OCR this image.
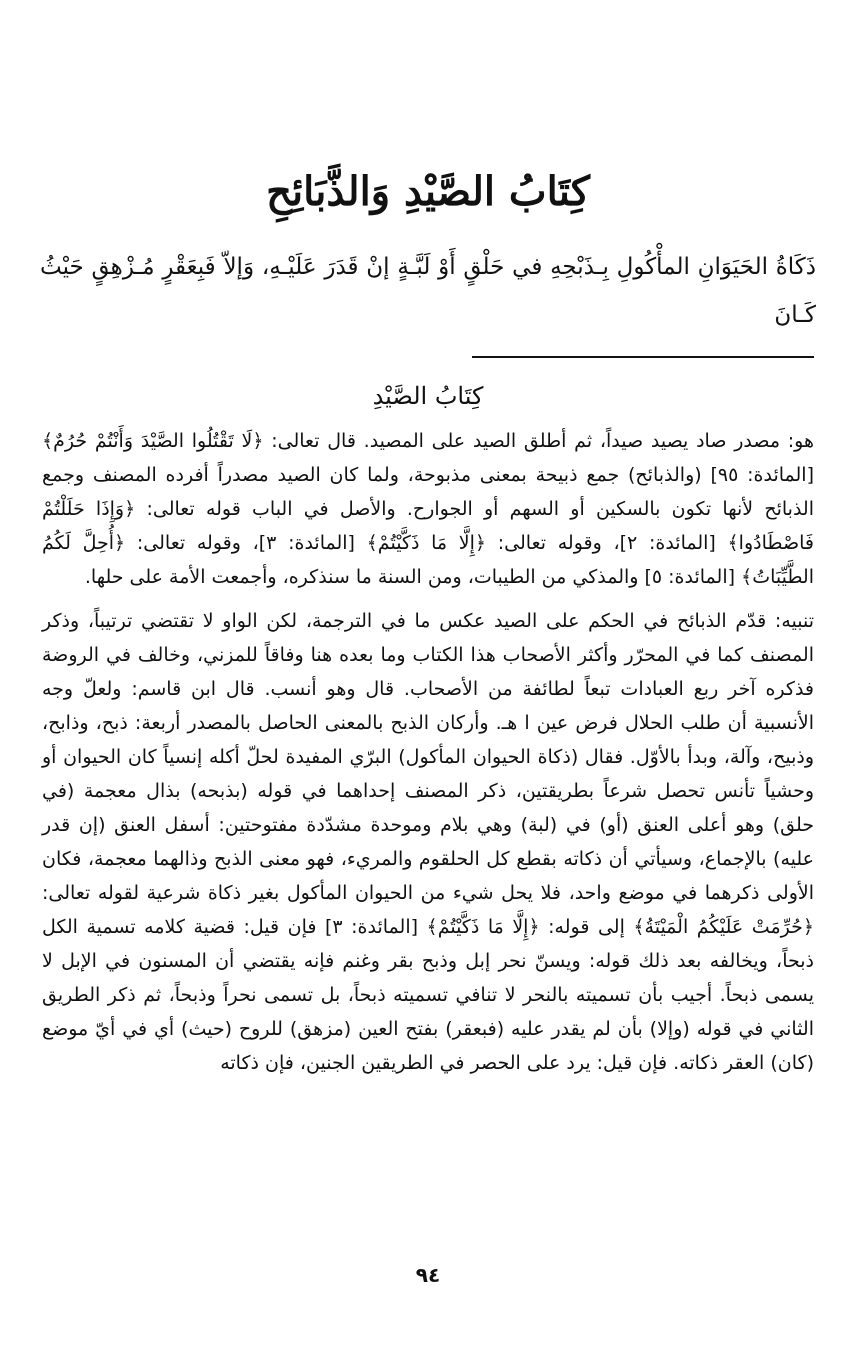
كِتَابُ الصَّيْدِ وَالذَّبَائِحِ

ذَكَاةُ الحَيَوَانِ المأْكُولِ بِـذَبْحِهِ في حَلْقٍ أَوْ لَبَّـةٍ إنْ قَدَرَ عَلَيْـهِ، وَإلاّ فَبِعَقْرٍ مُـزْهِقٍ حَيْثُ كَـانَ

كِتَابُ الصَّيْدِ

هو: مصدر صاد يصيد صيداً، ثم أطلق الصيد على المصيد. قال تعالى: ﴿لَا تَقْتُلُوا الصَّيْدَ وَأَنْتُمْ حُرُمٌ﴾ [المائدة: ٩٥] (والذبائح) جمع ذبيحة بمعنى مذبوحة، ولما كان الصيد مصدراً أفرده المصنف وجمع الذبائح لأنها تكون بالسكين أو السهم أو الجوارح. والأصل في الباب قوله تعالى: ﴿وَإِذَا حَلَلْتُمْ فَاصْطَادُوا﴾ [المائدة: ٢]، وقوله تعالى: ﴿إِلَّا مَا ذَكَّيْتُمْ﴾ [المائدة: ٣]، وقوله تعالى: ﴿أُحِلَّ لَكُمُ الطَّيِّبَاتُ﴾ [المائدة: ٥] والمذكي من الطيبات، ومن السنة ما سنذكره، وأجمعت الأمة على حلها.

تنبيه: قدّم الذبائح في الحكم على الصيد عكس ما في الترجمة، لكن الواو لا تقتضي ترتيباً، وذكر المصنف كما في المحرّر وأكثر الأصحاب هذا الكتاب وما بعده هنا وفاقاً للمزني، وخالف في الروضة فذكره آخر ربع العبادات تبعاً لطائفة من الأصحاب. قال وهو أنسب. قال ابن قاسم: ولعلّ وجه الأنسبية أن طلب الحلال فرض عين ا هـ. وأركان الذبح بالمعنى الحاصل بالمصدر أربعة: ذبح، وذابح، وذبيح، وآلة، وبدأ بالأوّل. فقال (ذكاة الحيوان المأكول) البرّي المفيدة لحلّ أكله إنسياً كان الحيوان أو وحشياً تأنس تحصل شرعاً بطريقتين، ذكر المصنف إحداهما في قوله (بذبحه) بذال معجمة (في حلق) وهو أعلى العنق (أو) في (لبة) وهي بلام وموحدة مشدّدة مفتوحتين: أسفل العنق (إن قدر عليه) بالإجماع، وسيأتي أن ذكاته بقطع كل الحلقوم والمريء، فهو معنى الذبح وذالهما معجمة، فكان الأولى ذكرهما في موضع واحد، فلا يحل شيء من الحيوان المأكول بغير ذكاة شرعية لقوله تعالى: ﴿حُرِّمَتْ عَلَيْكُمُ الْمَيْتَةُ﴾ إلى قوله: ﴿إِلَّا مَا ذَكَّيْتُمْ﴾ [المائدة: ٣] فإن قيل: قضية كلامه تسمية الكل ذبحاً، ويخالفه بعد ذلك قوله: ويسنّ نحر إبل وذبح بقر وغنم فإنه يقتضي أن المسنون في الإبل لا يسمى ذبحاً. أجيب بأن تسميته بالنحر لا تنافي تسميته ذبحاً، بل تسمى نحراً وذبحاً، ثم ذكر الطريق الثاني في قوله (وإلا) بأن لم يقدر عليه (فبعقر) بفتح العين (مزهق) للروح (حيث) أي في أيّ موضع (كان) العقر ذكاته. فإن قيل: يرد على الحصر في الطريقين الجنين، فإن ذكاته

٩٤
